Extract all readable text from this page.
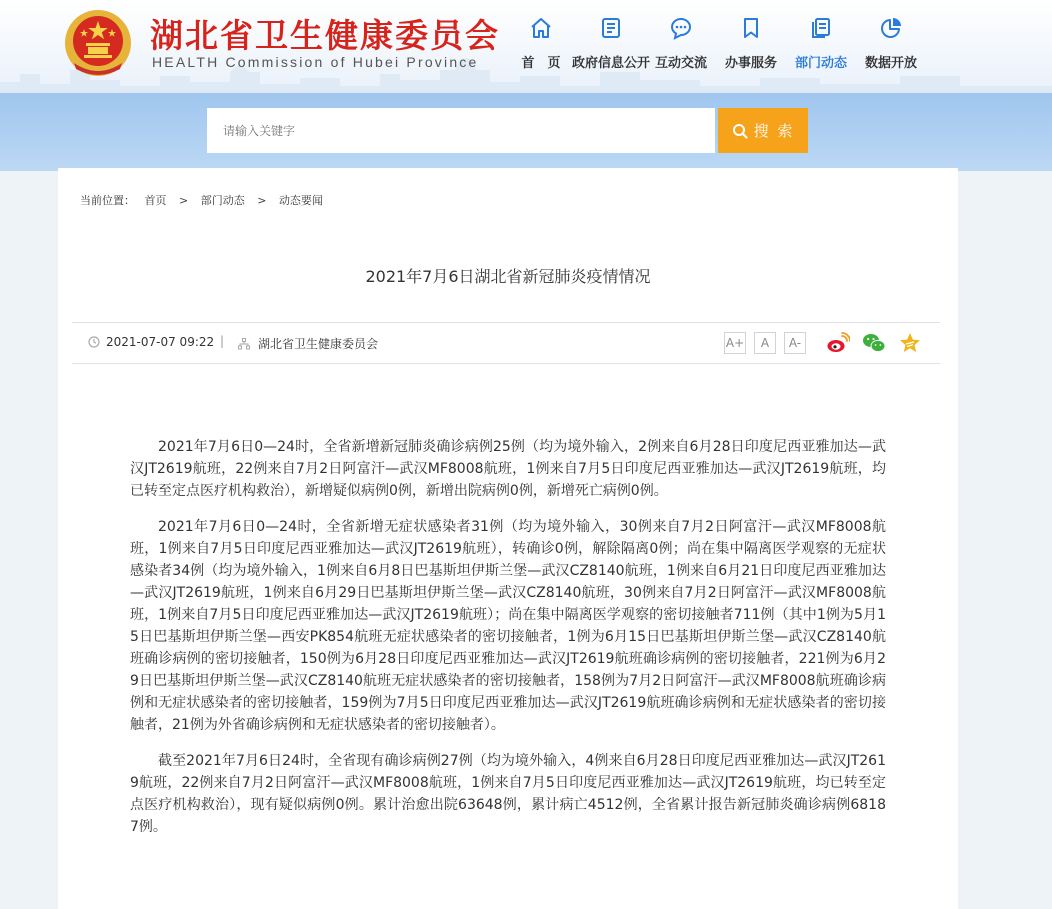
湖北省卫生健康委员会
HEALTH Commission of Hubei Province	首　页 政府信息公开 互动交流 办事服务 部门动态 数据开放
请输入关键字
搜 索
当前位置： 首页 > 部门动态 > 动态要闻
2021年7月6日湖北省新冠肺炎疫情情况
2021-07-07 09:22 |	湖北省卫生健康委员会	A+	A	A-

2021年7月6日0—24时，全省新增新冠肺炎确诊病例25例（均为境外输入，2例来自6月28日印度尼西亚雅加达—武汉JT2619航班，22例来自7月2日阿富汗—武汉MF8008航班，1例来自7月5日印度尼西亚雅加达—武汉JT2619航班，均已转至定点医疗机构救治），新增疑似病例0例，新增出院病例0例，新增死亡病例0例。

2021年7月6日0—24时，全省新增无症状感染者31例（均为境外输入，30例来自7月2日阿富汗—武汉MF8008航班，1例来自7月5日印度尼西亚雅加达—武汉JT2619航班），转确诊0例，解除隔离0例；尚在集中隔离医学观察的无症状感染者34例（均为境外输入，1例来自6月8日巴基斯坦伊斯兰堡—武汉CZ8140航班，1例来自6月21日印度尼西亚雅加达—武汉JT2619航班，1例来自6月29日巴基斯坦伊斯兰堡—武汉CZ8140航班，30例来自7月2日阿富汗—武汉MF8008航班，1例来自7月5日印度尼西亚雅加达—武汉JT2619航班）；尚在集中隔离医学观察的密切接触者711例（其中1例为5月15日巴基斯坦伊斯兰堡—西安PK854航班无症状感染者的密切接触者，1例为6月15日巴基斯坦伊斯兰堡—武汉CZ8140航班确诊病例的密切接触者，150例为6月28日印度尼西亚雅加达—武汉JT2619航班确诊病例的密切接触者，221例为6月29日巴基斯坦伊斯兰堡—武汉CZ8140航班无症状感染者的密切接触者，158例为7月2日阿富汗—武汉MF8008航班确诊病例和无症状感染者的密切接触者，159例为7月5日印度尼西亚雅加达—武汉JT2619航班确诊病例和无症状感染者的密切接触者，21例为外省确诊病例和无症状感染者的密切接触者）。

截至2021年7月6日24时，全省现有确诊病例27例（均为境外输入，4例来自6月28日印度尼西亚雅加达—武汉JT2619航班，22例来自7月2日阿富汗—武汉MF8008航班，1例来自7月5日印度尼西亚雅加达—武汉JT2619航班，均已转至定点医疗机构救治），现有疑似病例0例。累计治愈出院63648例，累计病亡4512例，全省累计报告新冠肺炎确诊病例68187例。
